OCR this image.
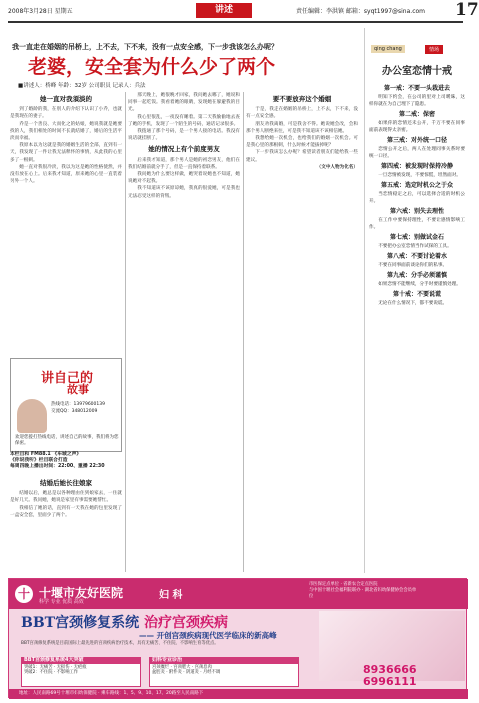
2008年3月28日 星期五	讲述	责任编辑：李洪镇 邮箱：syqt1997@sina.com 17
我一直走在婚姻的吊桥上，上不去，下不来，没有一点安全感，下一步我该怎么办呢？
老婆，安全套为什么少了两个
■讲述人：桥峰 年龄：32岁 公司职员 记录人：兵法
她一直对我須淡的

到了婚龄的我，在别人的介绍下认识了小乔，也就是我现在的妻子。

乔是一个善良、大而化之的姑娘，她说我就是她要找的人，我们相处的时间不长就结婚了，婚后的生活平淡而幸福。

我原本以为这就是我的婚姻生活的全部，直到有一天，我发现了一件让我无法释怀的事情，从此我的心里多了一根刺。

她一直对我很冷淡，我以为这是她的性格使然，并没有放在心上。后来我才知道，原来她的心里一直装着另外一个人。

讲自己的
故事
热线电话：13979600139
交流QQ：348012009
欢迎您拨打热线电话，讲述自己的故事，我们将为您保密。
本栏目和 FM88.1 《车城之声》
《你说我听》栏目联合打造
每周四晚上播出时间：22:00、重播 22:30
结婚后她长往娘家

结婚以后，她总是以各种理由住到娘家去，一住就是好几天。我问她，她说是家里有事需要她帮忙。

我相信了她的话，直到有一天我在她的包里发现了一盒安全套，里面少了两个。

那天晚上，她很晚才回家，我问她去哪了，她说和同事一起吃饭。我看着她的眼睛，发现她在躲避我的目光。

我心里很乱，一夜没有睡着。第二天我偷偷地去查了她的手机，发现了一个陌生的号码，通话记录很多。

我拨通了那个号码，是一个男人接的电话。我没有说话就挂断了。

她的情况上有个前度男友

后来我才知道，那个男人是她的初恋男友，他们在我们结婚前就分手了，但是一直保持着联系。

我问她为什么要这样做，她哭着说她也不知道，她说她对不起我。

我不知道该不该原谅她，我真的很爱她，可是我也无法忍受这样的背叛。

要不要放弃这个婚姻

于是，我走在婚姻的吊桥上，上不去，下不来，没有一点安全感。

朋友劝我离婚，可是我舍不得。她说她会改，会和那个男人断绝来往，可是我不知道该不该相信她。

我想给她一次机会，也给我们的婚姻一次机会。可是我心里的那根刺，什么时候才能拔掉呢？

下一步我该怎么办呢？希望读者朋友们能给我一些建议。

（文中人物为化名）

qing chang	情场
办公室恋情十戒
第一戒：不要一头栽进去

明知下约会，在公司的里对上司暧昧，这样你就在为自己埋下了隐患。

第二戒：保密

如果你的恋情还未公开，千万不要在同事面前表现得太亲密。

第三戒：对外统一口径

恋情公开之后，两人在处理同事关系时要统一口径。

第四戒：被发现时保持冷静

一旦恋情被发现，不要惊慌，坦然面对。

第五戒：选定时机公之于众

当恋情稳定之后，可以选择合适的时机公开。

第六戒：别失去理性

在工作中要保持理性，不要让感情影响工作。

第七戒：别做试金石

不要把办公室恋情当作试探的工具。

第八戒：不要讨论着水

不要在同事面前谈论你们的私事。

第九戒：分手必须谨慎

如果恋情不能继续，分手时要谨慎处理。

第十戒：不要说谎

无论在什么情况下，都不要说谎。

十 十堰市友好医院
科学 专业 优质 高效
妇 科
市医保定点单位 · 省新农合定点医院
与中国十堰社会福利院联办 · 湖北省妇幼保健协会会员单位
BBT宫颈修复系统 治疗宫颈疾病
—— 开创宫颈疾病现代医学临床的新高峰
BBT宫颈修复系统是目前国际上最先进的宫颈疾病治疗技术，具有无痛苦、不住院、不影响生育等优点。
BBT宫颈修复系统4大突破
突破1：无痛苦 · 无损伤 · 无疤痕
突破2：不住院 · 不影响工作
妇科专业诊治
宫颈糜烂 · 宫颈肥大 · 宫颈息肉
盆腔炎 · 附件炎 · 阴道炎 · 月经不调	8936666
6996111
地址：人民南路69号十堰市妇幼保健院 · 乘车路线：1、5、9、10、17、20路至人民南路下
